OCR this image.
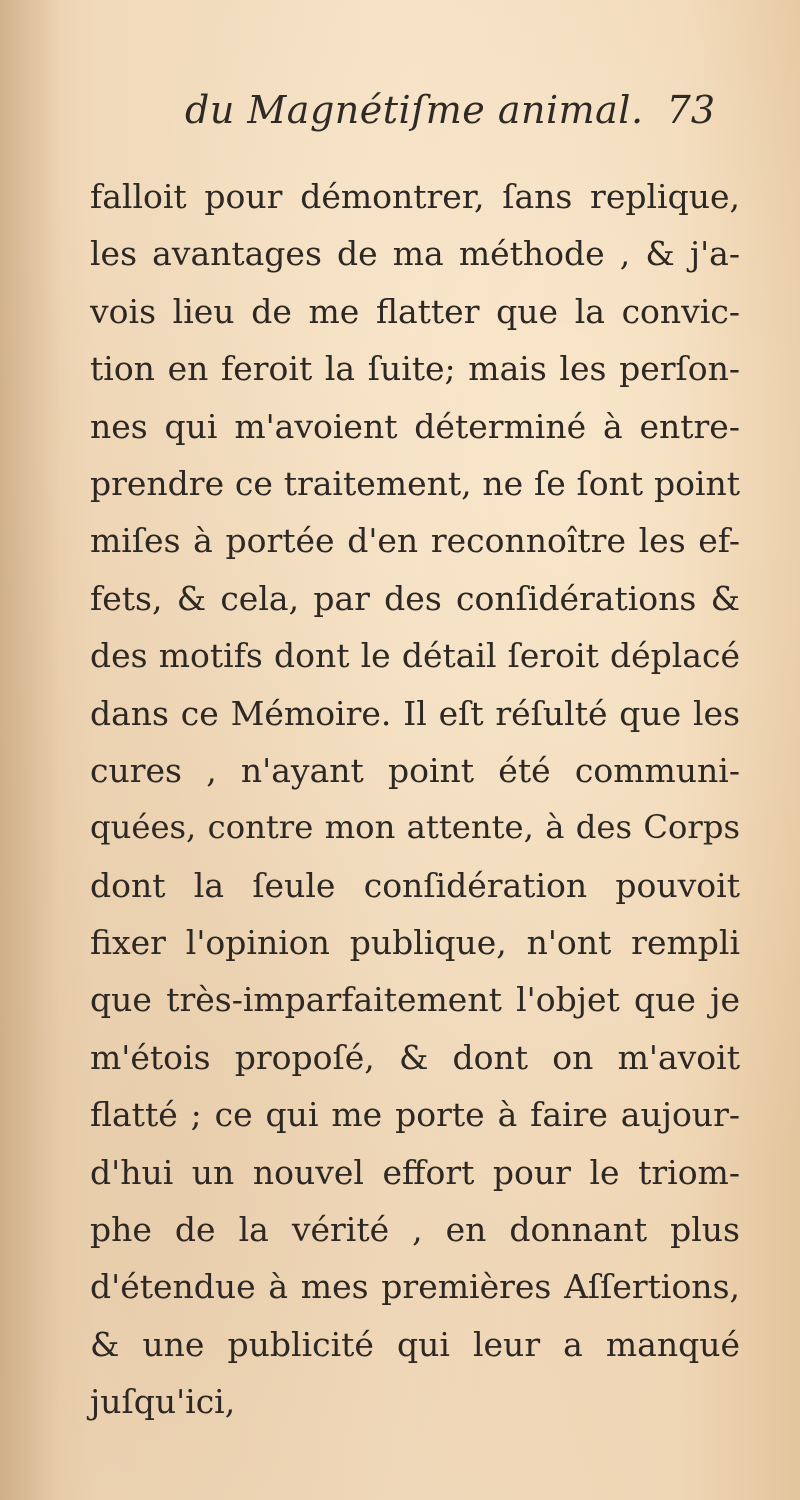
du Magnétiſme animal. 73
falloit pour démontrer, ſans replique,
les avantages de ma méthode , & j'a-
vois lieu de me flatter que la convic-
tion en feroit la ſuite; mais les perſon-
nes qui m'avoient déterminé à entre-
prendre ce traitement, ne ſe ſont point
miſes à portée d'en reconnoître les ef-
fets, & cela, par des conſidérations &
des motifs dont le détail ſeroit déplacé
dans ce Mémoire. Il eſt réſulté que les
cures , n'ayant point été communi-
quées, contre mon attente, à des Corps
dont la ſeule conſidération pouvoit
fixer l'opinion publique, n'ont rempli
que très-imparfaitement l'objet que je
m'étois propoſé, & dont on m'avoit
flatté ; ce qui me porte à faire aujour-
d'hui un nouvel effort pour le triom-
phe de la vérité , en donnant plus
d'étendue à mes premières Aſſertions,
& une publicité qui leur a manqué
juſqu'ici,
